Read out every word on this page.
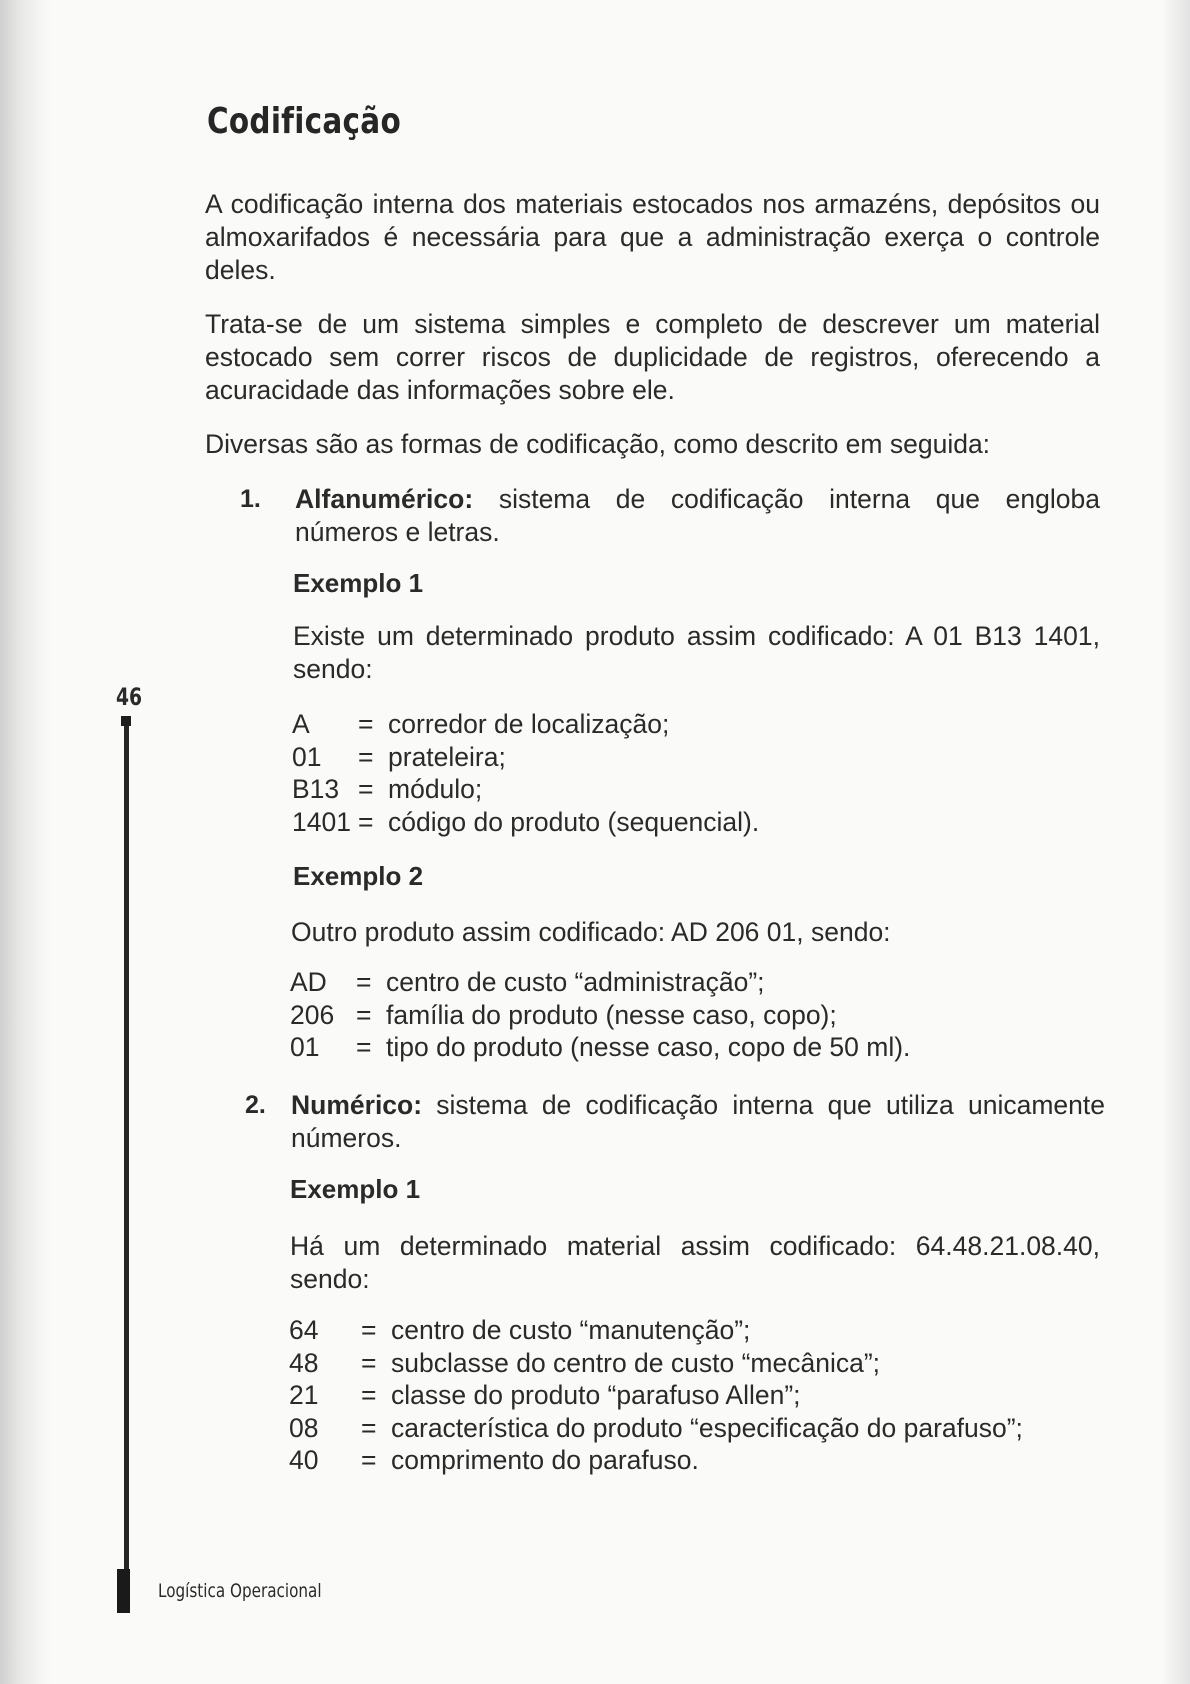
Codificação

A codificação interna dos materiais estocados nos armazéns, depósitos ou almoxarifados é necessária para que a administração exerça o controle deles.

Trata-se de um sistema simples e completo de descrever um material estocado sem correr riscos de duplicidade de registros, oferecendo a acuracidade das informações sobre ele.

Diversas são as formas de codificação, como descrito em seguida:

1. Alfanumérico: sistema de codificação interna que engloba números e letras.

Exemplo 1

Existe um determinado produto assim codificado: A 01 B13 1401, sendo:

A	= corredor de localização;
01	= prateleira;
B13 = módulo;
1401 = código do produto (sequencial).

Exemplo 2

Outro produto assim codificado: AD 206 01, sendo:

AD	= centro de custo “administração”;
206 = família do produto (nesse caso, copo);
01	= tipo do produto (nesse caso, copo de 50 ml).
2. Numérico: sistema de codificação interna que utiliza unicamente números.

Exemplo 1

Há um determinado material assim codificado: 64.48.21.08.40, sendo:

64	= centro de custo “manutenção”;
48	= subclasse do centro de custo “mecânica”;
21	= classe do produto “parafuso Allen”;
08	= característica do produto “especificação do parafuso”;
40	= comprimento do parafuso.
46
Logística Operacional
